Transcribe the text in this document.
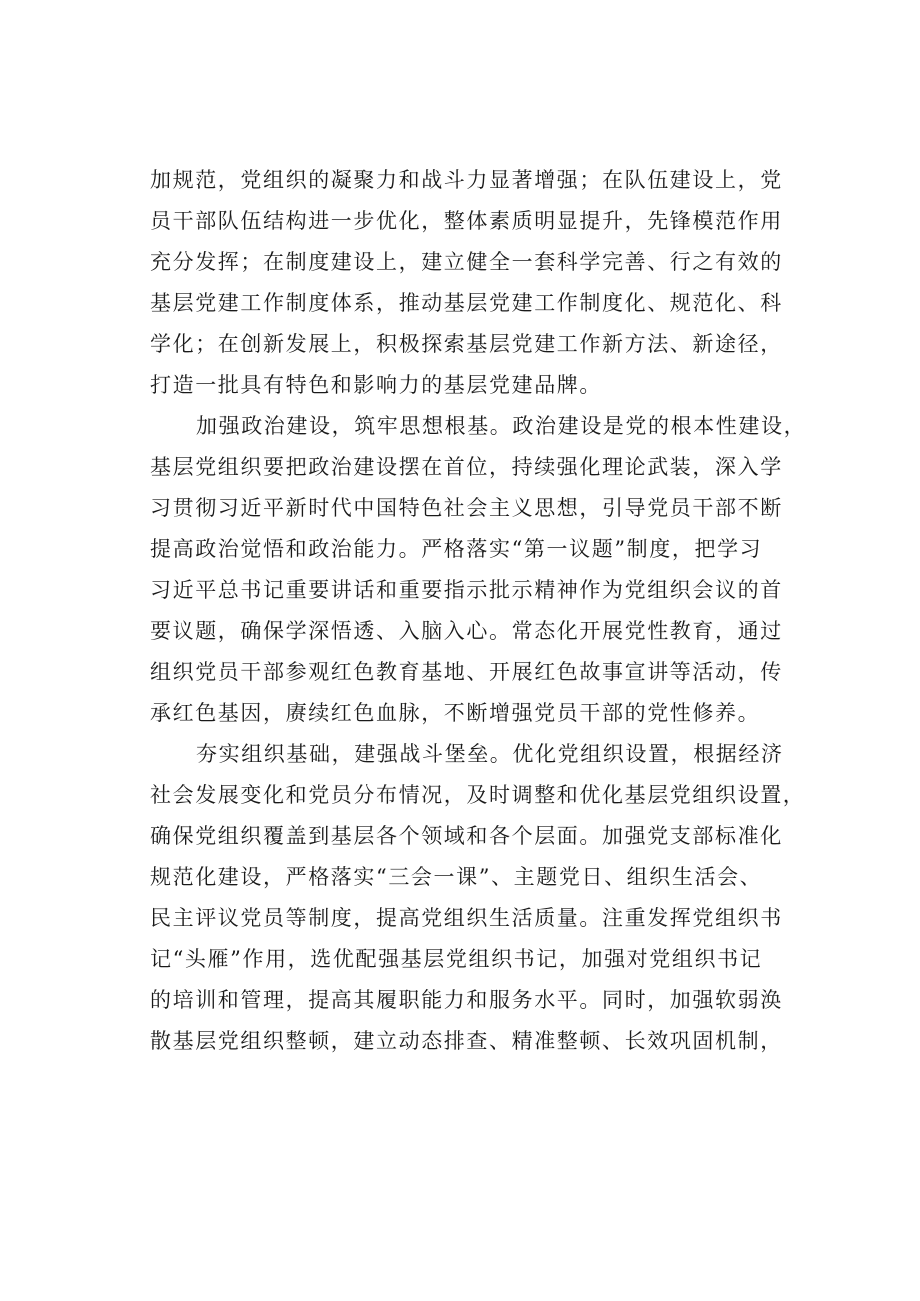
加规范，党组织的凝聚力和战斗力显著增强；在队伍建设上，党
员干部队伍结构进一步优化，整体素质明显提升，先锋模范作用
充分发挥；在制度建设上，建立健全一套科学完善、行之有效的
基层党建工作制度体系，推动基层党建工作制度化、规范化、科
学化；在创新发展上，积极探索基层党建工作新方法、新途径，
打造一批具有特色和影响力的基层党建品牌。
加强政治建设，筑牢思想根基。政治建设是党的根本性建设，
基层党组织要把政治建设摆在首位，持续强化理论武装，深入学
习贯彻习近平新时代中国特色社会主义思想，引导党员干部不断
提高政治觉悟和政治能力。严格落实“第一议题”制度，把学习
习近平总书记重要讲话和重要指示批示精神作为党组织会议的首
要议题，确保学深悟透、入脑入心。常态化开展党性教育，通过
组织党员干部参观红色教育基地、开展红色故事宣讲等活动，传
承红色基因，赓续红色血脉，不断增强党员干部的党性修养。
夯实组织基础，建强战斗堡垒。优化党组织设置，根据经济
社会发展变化和党员分布情况，及时调整和优化基层党组织设置，
确保党组织覆盖到基层各个领域和各个层面。加强党支部标准化
规范化建设，严格落实“三会一课”、主题党日、组织生活会、
民主评议党员等制度，提高党组织生活质量。注重发挥党组织书
记“头雁”作用，选优配强基层党组织书记，加强对党组织书记
的培训和管理，提高其履职能力和服务水平。同时，加强软弱涣
散基层党组织整顿，建立动态排查、精准整顿、长效巩固机制，
